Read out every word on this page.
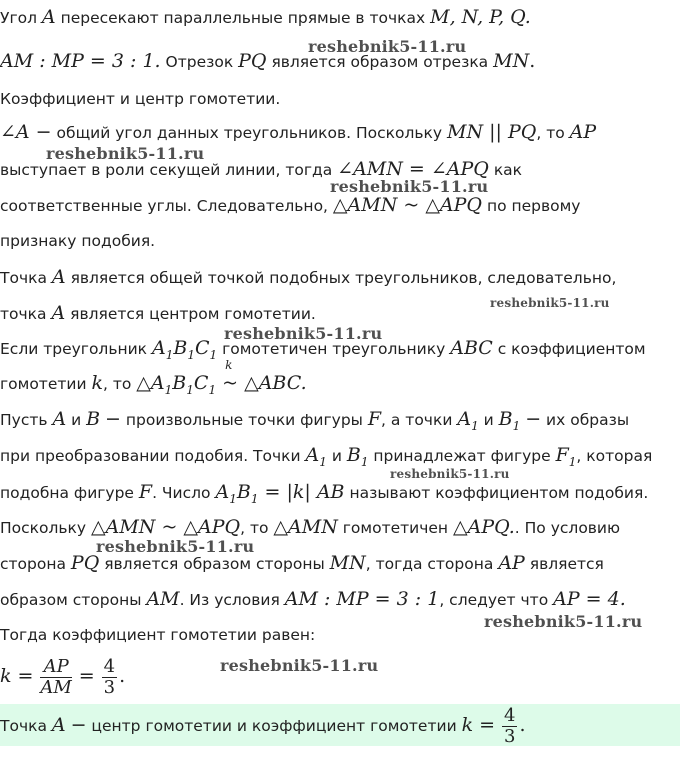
Угол A пересекают параллельные прямые в точках M, N, P, Q.
AM : MP = 3 : 1. Отрезок PQ является образом отрезка MN.
Коэффициент и центр гомотетии.
∠A − общий угол данных треугольников. Поскольку MN || PQ, то AP
выступает в роли секущей линии, тогда ∠AMN = ∠APQ как
соответственные углы. Следовательно, △AMN ~ △APQ по первому
признаку подобия.
Точка A является общей точкой подобных треугольников, следовательно,
точка A является центром гомотетии.
Если треугольник $A_1B_1C_1$ гомотетичен треугольнику ABC с коэффициентом
гомотетии k, то $\triangle A_1B_1C_1$
k
~ △ABC.
Пусть A и B − произвольные точки фигуры F, а точки $A_1$ и $B_1$ − их образы
при преобразовании подобия. Точки $A_1$ и $B_1$ принадлежат фигуре $F_1$, которая
подобна фигуре F. Число $A_1B_1 = |k|$ AB называют коэффициентом подобия.
Поскольку △AMN ~ △APQ, то △AMN гомотетичен △APQ.. По условию
сторона PQ является образом стороны MN, тогда сторона AP является
образом стороны AM. Из условия AM : MP = 3 : 1, следует что AP = 4.
Тогда коэффициент гомотетии равен:
$k = \frac{AP}{AM} = \frac{4}{3}$ .
Точка A − центр гомотетии и коэффициент гомотетии $k = \frac{4}{3}$ .
reshebnik5-11.ru
reshebnik5-11.ru
reshebnik5-11.ru
reshebnik5-11.ru
reshebnik5-11.ru
reshebnik5-11.ru
reshebnik5-11.ru
reshebnik5-11.ru
reshebnik5-11.ru
